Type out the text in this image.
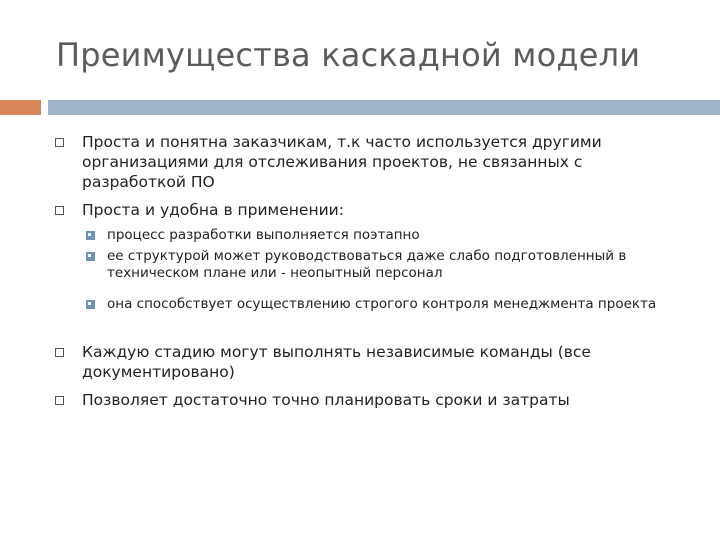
Преимущества каскадной модели
Проста и понятна заказчикам, т.к часто используется другими организациями для отслеживания проектов, не связанных с разработкой ПО
Проста и удобна в применении:
процесс разработки выполняется поэтапно
ее структурой может руководствоваться даже слабо подготовленный в техническом плане или - неопытный персонал
она способствует осуществлению строгого контроля менеджмента проекта
Каждую стадию могут выполнять независимые команды (все документировано)
Позволяет достаточно точно планировать сроки и затраты
